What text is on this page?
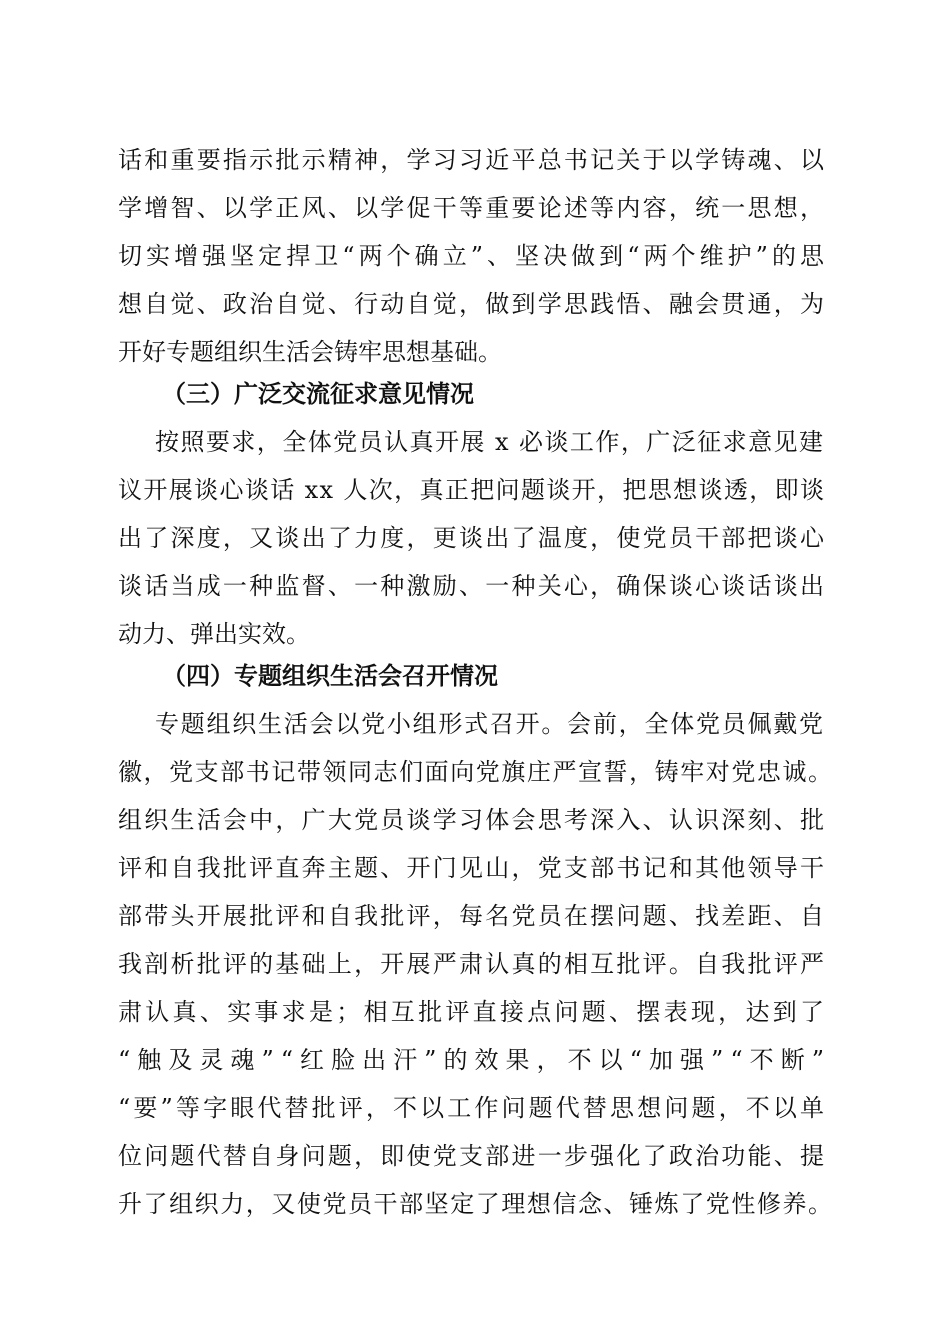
话和重要指示批示精神，学习习近平总书记关于以学铸魂、以
学增智、以学正风、以学促干等重要论述等内容，统一思想，
切实增强坚定捍卫“两个确立”、坚决做到“两个维护”的思
想自觉、政治自觉、行动自觉，做到学思践悟、融会贯通，为
开好专题组织生活会铸牢思想基础。
（三）广泛交流征求意见情况
按照要求，全体党员认真开展 x 必谈工作，广泛征求意见建
议开展谈心谈话 xx 人次，真正把问题谈开，把思想谈透，即谈
出了深度，又谈出了力度，更谈出了温度，使党员干部把谈心
谈话当成一种监督、一种激励、一种关心，确保谈心谈话谈出
动力、弹出实效。
（四）专题组织生活会召开情况
专题组织生活会以党小组形式召开。会前，全体党员佩戴党
徽，党支部书记带领同志们面向党旗庄严宣誓，铸牢对党忠诚。
组织生活会中，广大党员谈学习体会思考深入、认识深刻、批
评和自我批评直奔主题、开门见山，党支部书记和其他领导干
部带头开展批评和自我批评，每名党员在摆问题、找差距、自
我剖析批评的基础上，开展严肃认真的相互批评。自我批评严
肃认真、实事求是；相互批评直接点问题、摆表现，达到了
“触及灵魂”“红脸出汗”的效果，不以“加强”“不断”
“要”等字眼代替批评，不以工作问题代替思想问题，不以单
位问题代替自身问题，即使党支部进一步强化了政治功能、提
升了组织力，又使党员干部坚定了理想信念、锤炼了党性修养。
